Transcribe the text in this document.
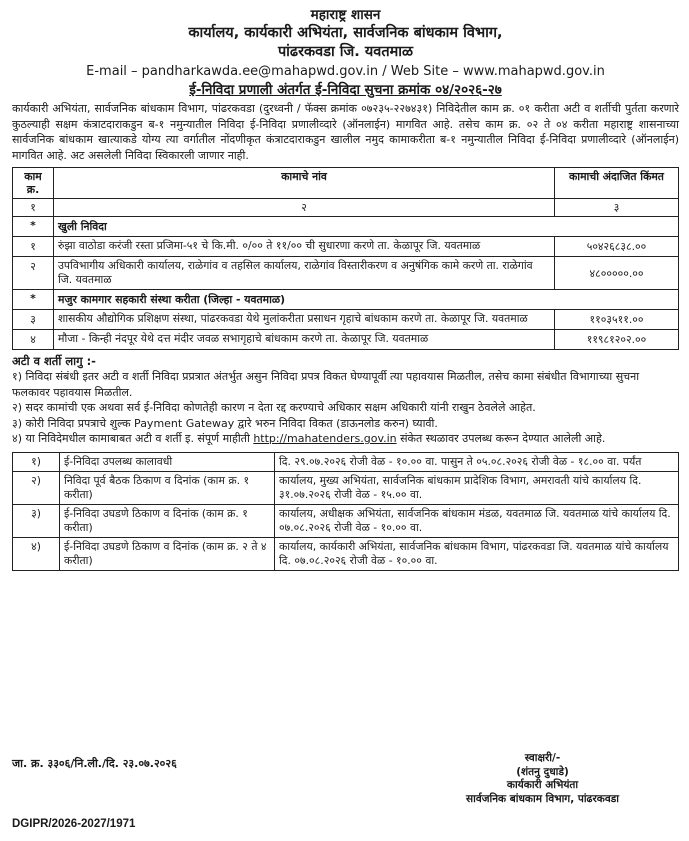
महाराष्ट्र शासन
कार्यालय, कार्यकारी अभियंता, सार्वजनिक बांधकाम विभाग,
पांढरकवडा जि. यवतमाळ
E-mail – pandharkawda.ee@mahapwd.gov.in / Web Site – www.mahapwd.gov.in
ई-निविदा प्रणाली अंतर्गत ई-निविदा सुचना क्रमांक ०४/२०२६-२७

कार्यकारी अभियंता, सार्वजनिक बांधकाम विभाग, पांढरकवडा (दुरध्वनी / फॅक्स क्रमांक ०७२३५-२२७४३१) निविदेतील काम क्र. ०१ करीता अटी व शर्तीची पुर्तता करणारे कुठल्याही सक्षम कंत्राटदाराकडुन ब-१ नमुन्यातील निविदा ई-निविदा प्रणालीव्दारे (ऑनलाईन) मागवित आहे. तसेच काम क्र. ०२ ते ०४ करीता महाराष्ट्र शासनाच्या सार्वजनिक बांधकाम खात्याकडे योग्य त्या वर्गातील नोंदणीकृत कंत्राटदाराकडुन खालील नमुद कामाकरीता ब-१ नमुन्यातील निविदा ई-निविदा प्रणालीव्दारे (ऑनलाईन) मागवित आहे. अट असलेली निविदा स्विकारली जाणार नाही.

काम क्र.	कामाचे नांव	कामाची अंदाजित किंमत
१	२	३
*	खुली निविदा	
१	रुंझा वाठोडा करंजी रस्ता प्रजिमा-५१ चे कि.मी. ०/०० ते ११/०० ची सुधारणा करणे ता. केळापूर जि. यवतमाळ	५०४२६८३८.००
२	उपविभागीय अधिकारी कार्यालय, राळेगांव व तहसिल कार्यालय, राळेगांव विस्तारीकरण व अनुषंगिक कामे करणे ता. राळेगांव जि. यवतमाळ	४८०००००.००
*	मजुर कामगार सहकारी संस्था करीता (जिल्हा - यवतमाळ)	
३	शासकीय औद्योगिक प्रशिक्षण संस्था, पांढरकवडा येथे मुलांकरीता प्रसाधन गृहाचे बांधकाम करणे ता. केळापूर जि. यवतमाळ	११०३५११.००
४	मौजा - किन्ही नंदपूर येथे दत्त मंदीर जवळ सभागृहाचे बांधकाम करणे ता. केळापूर जि. यवतमाळ	११९८१२०२.००
अटी व शर्ती लागु :-

१) निविदा संबंधी इतर अटी व शर्ती निविदा प्रप्रत्रात अंतर्भुत असुन निविदा प्रपत्र विकत घेण्यापूर्वी त्या पहावयास मिळतील, तसेच कामा संबंधीत विभागाच्या सुचना फलकावर पहावयास मिळतील.

२) सदर कामांची एक अथवा सर्व ई-निविदा कोणतेही कारण न देता रद्द करण्याचे अधिकार सक्षम अधिकारी यांनी राखुन ठेवलेले आहेत.

३) कोरी निविदा प्रपत्राचे शुल्क Payment Gateway द्वारे भरुन निविदा विकत (डाऊनलोड करुन) घ्यावी.

४) या निविदेमधील कामाबाबत अटी व शर्ती इ. संपूर्ण माहीती http://mahatenders.gov.in संकेत स्थळावर उपलब्ध करून देण्यात आलेली आहे.

१)	ई-निविदा उपलब्ध कालावधी	दि. २९.०७.२०२६ रोजी वेळ - १०.०० वा. पासुन ते ०५.०८.२०२६ रोजी वेळ - १८.०० वा. पर्यंत
२)	निविदा पूर्व बैठक ठिकाण व दिनांक (काम क्र. १ करीता)	कार्यालय, मुख्य अभियंता, सार्वजनिक बांधकाम प्रादेशिक विभाग, अमरावती यांचे कार्यालय दि. ३१.०७.२०२६ रोजी वेळ - १५.०० वा.
३)	ई-निविदा उघडणे ठिकाण व दिनांक (काम क्र. १ करीता)	कार्यालय, अधीक्षक अभियंता, सार्वजनिक बांधकाम मंडळ, यवतमाळ जि. यवतमाळ यांचे कार्यालय दि. ०७.०८.२०२६ रोजी वेळ - १०.०० वा.
४)	ई-निविदा उघडणे ठिकाण व दिनांक (काम क्र. २ ते ४ करीता)	कार्यालय, कार्यकारी अभियंता, सार्वजनिक बांधकाम विभाग, पांढरकवडा जि. यवतमाळ यांचे कार्यालय दि. ०७.०८.२०२६ रोजी वेळ - १०.०० वा.
जा. क्र. ३३०६/नि.ली./दि. २३.०७.२०२६	स्वाक्षरी/-
(शंतनु दुधाडे)
कार्यकारी अभियंता
सार्वजनिक बांधकाम विभाग, पांढरकवडा
DGIPR/2026-2027/1971
